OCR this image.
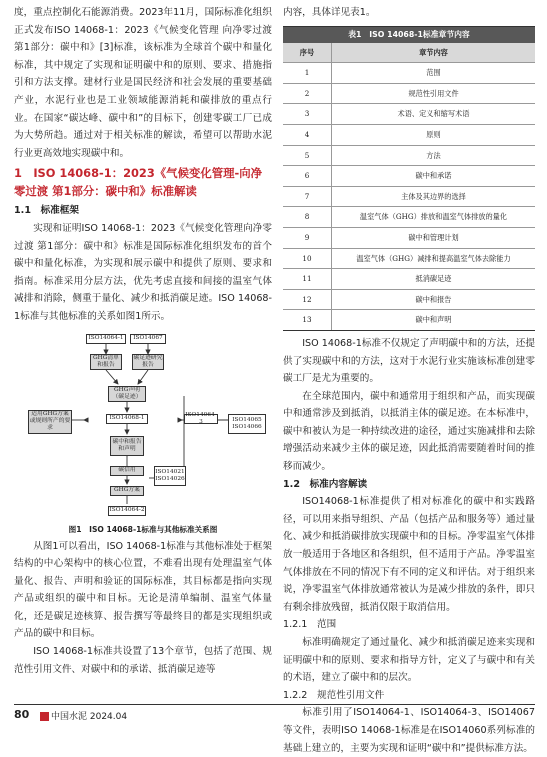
度，重点控制化石能源消费。2023年11月，国际标准化组织正式发布ISO 14068-1：2023《气候变化管理 向净零过渡 第1部分：碳中和》[3]标准，该标准为全球首个碳中和量化标准，其中规定了实现和证明碳中和的原则、要求、措施指引和方法支撑。建材行业是国民经济和社会发展的重要基础产业，水泥行业也是工业领域能源消耗和碳排放的重点行业。在国家“碳达峰、碳中和”的目标下，创建零碳工厂已成为大势所趋。通过对于相关标准的解读，希望可以帮助水泥行业更高效地实现碳中和。

1　ISO 14068-1：2023《气候变化管理-向净零过渡 第1部分：碳中和》标准解读
1.1　标准框架

实现和证明ISO 14068-1：2023《气候变化管理向净零过渡 第1部分：碳中和》标准是国际标准化组织发布的首个碳中和量化标准，为实现和展示碳中和提供了原则、要求和指南。标准采用分层方法，优先考虑直接和间接的温室气体减排和消除，侧重于量化、减少和抵消碳足迹。ISO 14068-1标准与其他标准的关系如图1所示。

ISO14064-1	ISO14067
GHG清单和报告
碳足迹研究报告
GHG声明（碳足迹）
ISO14068-1
ISO14064-3	ISO14065
ISO14066
适用GHG方案或规则所产的要求
碳中和报告和声明
碳信用	ISO14021
ISO14026
GHG方案
ISO14064-2
图1　ISO 14068-1标准与其他标准关系图

从图1可以看出，ISO 14068-1标准与其他标准处于框架结构的中心架构中的核心位置，不难看出现有处理温室气体量化、报告、声明和验证的国际标准，其目标都是指向实现产品或组织的碳中和目标。无论是清单编制、温室气体量化，还是碳足迹核算、报告撰写等最终目的都是实现组织或产品的碳中和目标。

ISO 14068-1标准共设置了13个章节，包括了范围、规范性引用文件、对碳中和的承诺、抵消碳足迹等

内容，具体详见表1。

表1　ISO 14068-1标准章节内容
序号	章节内容
1	范围
2	规范性引用文件
3	术语、定义和缩写术语
4	原则
5	方法
6	碳中和承诺
7	主体及其边界的选择
8	温室气体（GHG）排放和温室气体排放的量化
9	碳中和管理计划
10	温室气体（GHG）减排和提高温室气体去除能力
11	抵消碳足迹
12	碳中和报告
13	碳中和声明

ISO 14068-1标准不仅规定了声明碳中和的方法，还提供了实现碳中和的方法，这对于水泥行业实施该标准创建零碳工厂是尤为重要的。

在全球范围内，碳中和通常用于组织和产品，而实现碳中和通常涉及到抵消，以抵消主体的碳足迹。在本标准中，碳中和被认为是一种持续改进的途径，通过实施减排和去除增强活动来减少主体的碳足迹，因此抵消需要随着时间的推移而减少。

1.2　标准内容解读

ISO14068-1标准提供了相对标准化的碳中和实践路径，可以用来指导组织、产品（包括产品和服务等）通过量化、减少和抵消碳排放实现碳中和的目标。净零温室气体排放一般适用于各地区和各组织，但不适用于产品。净零温室气体排放在不同的情况下有不同的定义和评估。对于组织来说，净零温室气体排放通常被认为是减少排放的条件，即只有剩余排放残留，抵消仅限于取消信用。

1.2.1　范围

标准明确规定了通过量化、减少和抵消碳足迹来实现和证明碳中和的原则、要求和指导方针，定义了与碳中和有关的术语，建立了碳中和的层次。

1.2.2　规范性引用文件

标准引用了ISO14064-1、ISO14064-3、ISO14067等文件，表明ISO 14068-1标准是在ISO14060系列标准的基础上建立的，主要为实现和证明“碳中和”提供标准方法。

80	中国水泥 2024.04
